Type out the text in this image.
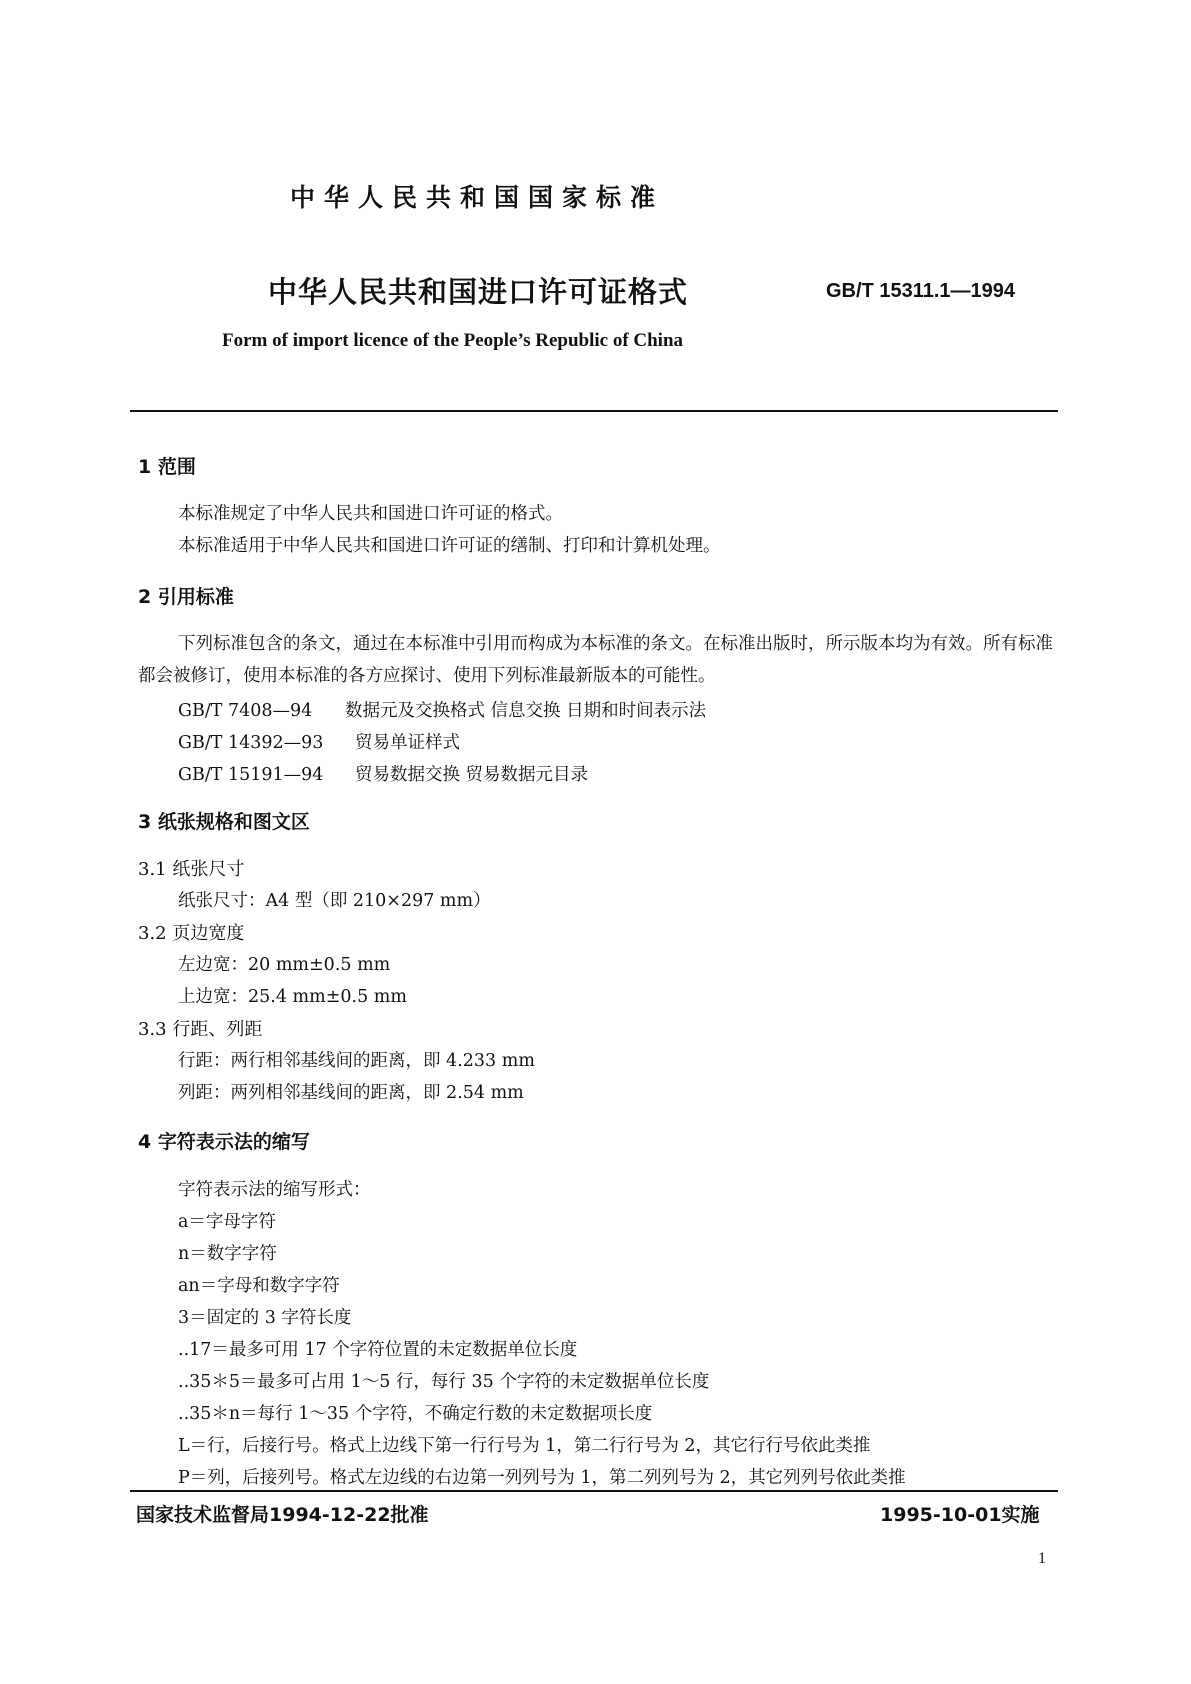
中华人民共和国国家标准
中华人民共和国进口许可证格式	GB/T 15311.1—1994
Form of import licence of the People’s Republic of China
1 范围
本标准规定了中华人民共和国进口许可证的格式。
本标准适用于中华人民共和国进口许可证的缮制、打印和计算机处理。
2 引用标准
下列标准包含的条文，通过在本标准中引用而构成为本标准的条文。在标准出版时，所示版本均为有效。所有标准都会被修订，使用本标准的各方应探讨、使用下列标准最新版本的可能性。
GB/T 7408—94 数据元及交换格式 信息交换 日期和时间表示法
GB/T 14392—93 贸易单证样式
GB/T 15191—94 贸易数据交换 贸易数据元目录
3 纸张规格和图文区
3.1 纸张尺寸
纸张尺寸：A4 型（即 210×297 mm）
3.2 页边宽度
左边宽：20 mm±0.5 mm
上边宽：25.4 mm±0.5 mm
3.3 行距、列距
行距：两行相邻基线间的距离，即 4.233 mm
列距：两列相邻基线间的距离，即 2.54 mm
4 字符表示法的缩写
字符表示法的缩写形式：
a＝字母字符
n＝数字字符
an＝字母和数字字符
3＝固定的 3 字符长度
..17＝最多可用 17 个字符位置的未定数据单位长度
..35＊5＝最多可占用 1～5 行，每行 35 个字符的未定数据单位长度
..35＊n＝每行 1～35 个字符，不确定行数的未定数据项长度
L＝行，后接行号。格式上边线下第一行行号为 1，第二行行号为 2，其它行行号依此类推
P＝列，后接列号。格式左边线的右边第一列列号为 1，第二列列号为 2，其它列列号依此类推
国家技术监督局1994-12-22批准	1995-10-01实施
1
